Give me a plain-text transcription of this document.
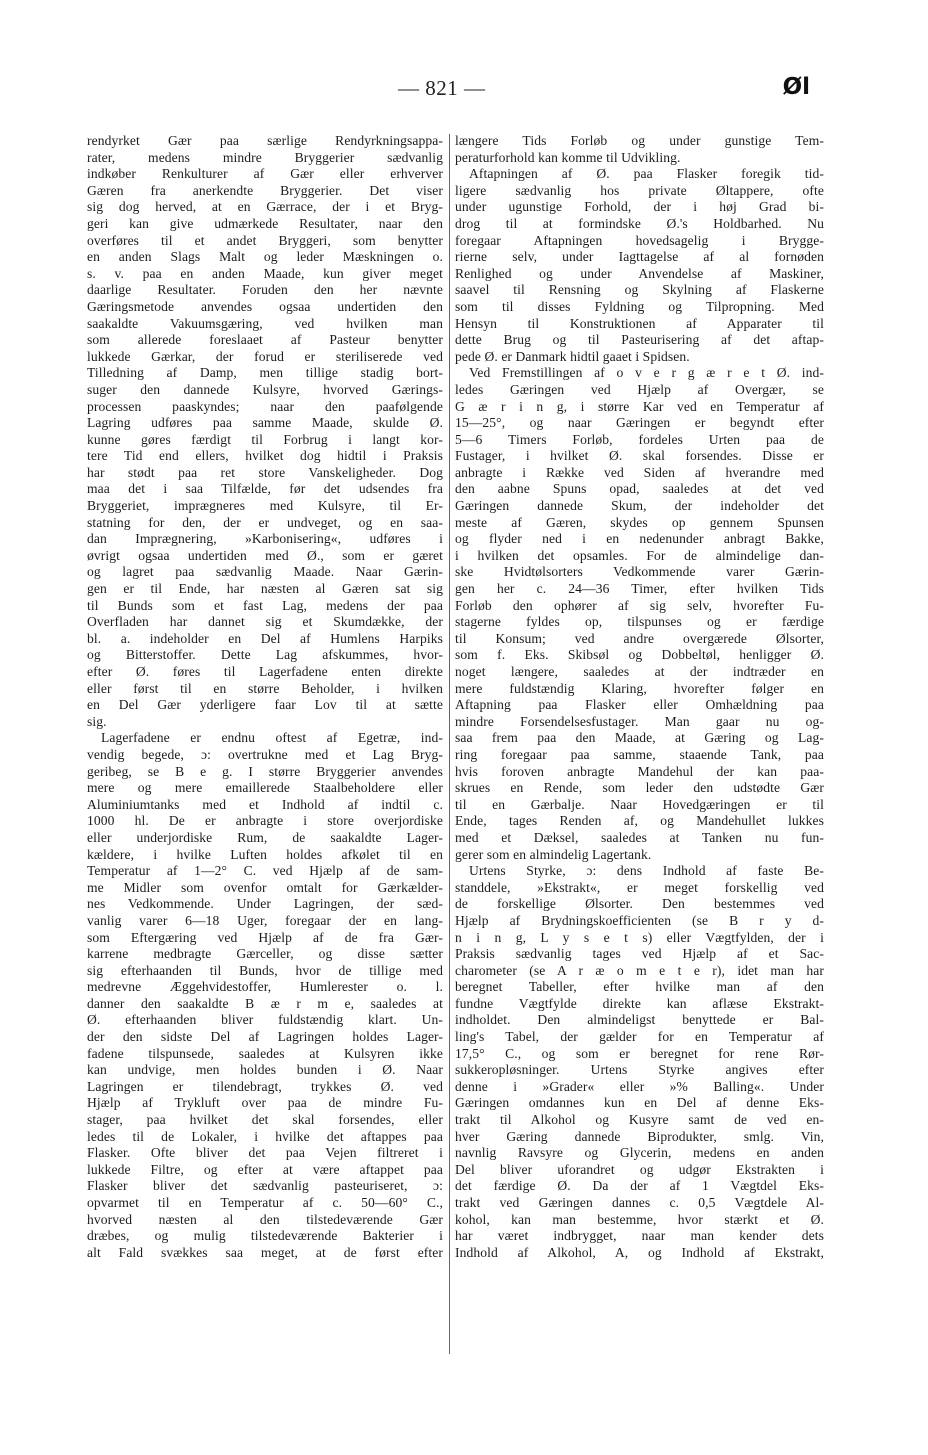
— 821 —	Øl
rendyrket Gær paa særlige Rendyrkningsappa-
rater, medens mindre Bryggerier sædvanlig
indkøber Renkulturer af Gær eller erhverver
Gæren fra anerkendte Bryggerier. Det viser
sig dog herved, at en Gærrace, der i et Bryg-
geri kan give udmærkede Resultater, naar den
overføres til et andet Bryggeri, som benytter
en anden Slags Malt og leder Mæskningen o.
s. v. paa en anden Maade, kun giver meget
daarlige Resultater. Foruden den her nævnte
Gæringsmetode anvendes ogsaa undertiden den
saakaldte Vakuumsgæring, ved hvilken man
som allerede foreslaaet af Pasteur benytter
lukkede Gærkar, der forud er steriliserede ved
Tilledning af Damp, men tillige stadig bort-
suger den dannede Kulsyre, hvorved Gærings-
processen paaskyndes; naar den paafølgende
Lagring udføres paa samme Maade, skulde Ø.
kunne gøres færdigt til Forbrug i langt kor-
tere Tid end ellers, hvilket dog hidtil i Praksis
har stødt paa ret store Vanskeligheder. Dog
maa det i saa Tilfælde, før det udsendes fra
Bryggeriet, imprægneres med Kulsyre, til Er-
statning for den, der er undveget, og en saa-
dan Imprægnering, »Karbonisering«, udføres i
øvrigt ogsaa undertiden med Ø., som er gæret
og lagret paa sædvanlig Maade. Naar Gærin-
gen er til Ende, har næsten al Gæren sat sig
til Bunds som et fast Lag, medens der paa
Overfladen har dannet sig et Skumdække, der
bl. a. indeholder en Del af Humlens Harpiks
og Bitterstoffer. Dette Lag afskummes, hvor-
efter Ø. føres til Lagerfadene enten direkte
eller først til en større Beholder, i hvilken
en Del Gær yderligere faar Lov til at sætte
sig.
Lagerfadene er endnu oftest af Egetræ, ind-
vendig begede, ɔ: overtrukne med et Lag Bryg-
geribeg, se B e g. I større Bryggerier anvendes
mere og mere emaillerede Staalbeholdere eller
Aluminiumtanks med et Indhold af indtil c.
1000 hl. De er anbragte i store overjordiske
eller underjordiske Rum, de saakaldte Lager-
kældere, i hvilke Luften holdes afkølet til en
Temperatur af 1—2° C. ved Hjælp af de sam-
me Midler som ovenfor omtalt for Gærkælder-
nes Vedkommende. Under Lagringen, der sæd-
vanlig varer 6—18 Uger, foregaar der en lang-
som Eftergæring ved Hjælp af de fra Gær-
karrene medbragte Gærceller, og disse sætter
sig efterhaanden til Bunds, hvor de tillige med
medrevne Æggehvidestoffer, Humlerester o. l.
danner den saakaldte B æ r m e, saaledes at
Ø. efterhaanden bliver fuldstændig klart. Un-
der den sidste Del af Lagringen holdes Lager-
fadene tilspunsede, saaledes at Kulsyren ikke
kan undvige, men holdes bunden i Ø. Naar
Lagringen er tilendebragt, trykkes Ø. ved
Hjælp af Trykluft over paa de mindre Fu-
stager, paa hvilket det skal forsendes, eller
ledes til de Lokaler, i hvilke det aftappes paa
Flasker. Ofte bliver det paa Vejen filtreret i
lukkede Filtre, og efter at være aftappet paa
Flasker bliver det sædvanlig pasteuriseret, ɔ:
opvarmet til en Temperatur af c. 50—60° C.,
hvorved næsten al den tilstedeværende Gær
dræbes, og mulig tilstedeværende Bakterier i
alt Fald svækkes saa meget, at de først efter
længere Tids Forløb og under gunstige Tem-
peraturforhold kan komme til Udvikling.
Aftapningen af Ø. paa Flasker foregik tid-
ligere sædvanlig hos private Øltappere, ofte
under ugunstige Forhold, der i høj Grad bi-
drog til at formindske Ø.'s Holdbarhed. Nu
foregaar Aftapningen hovedsagelig i Brygge-
rierne selv, under Iagttagelse af al fornøden
Renlighed og under Anvendelse af Maskiner,
saavel til Rensning og Skylning af Flaskerne
som til disses Fyldning og Tilpropning. Med
Hensyn til Konstruktionen af Apparater til
dette Brug og til Pasteurisering af det aftap-
pede Ø. er Danmark hidtil gaaet i Spidsen.
Ved Fremstillingen af o v e r g æ r e t Ø. ind-
ledes Gæringen ved Hjælp af Overgær, se
G æ r i n g, i større Kar ved en Temperatur af
15—25°, og naar Gæringen er begyndt efter
5—6 Timers Forløb, fordeles Urten paa de
Fustager, i hvilket Ø. skal forsendes. Disse er
anbragte i Række ved Siden af hverandre med
den aabne Spuns opad, saaledes at det ved
Gæringen dannede Skum, der indeholder det
meste af Gæren, skydes op gennem Spunsen
og flyder ned i en nedenunder anbragt Bakke,
i hvilken det opsamles. For de almindelige dan-
ske Hvidtølsorters Vedkommende varer Gærin-
gen her c. 24—36 Timer, efter hvilken Tids
Forløb den ophører af sig selv, hvorefter Fu-
stagerne fyldes op, tilspunses og er færdige
til Konsum; ved andre overgærede Ølsorter,
som f. Eks. Skibsøl og Dobbeltøl, henligger Ø.
noget længere, saaledes at der indtræder en
mere fuldstændig Klaring, hvorefter følger en
Aftapning paa Flasker eller Omhældning paa
mindre Forsendelsesfustager. Man gaar nu og-
saa frem paa den Maade, at Gæring og Lag-
ring foregaar paa samme, staaende Tank, paa
hvis foroven anbragte Mandehul der kan paa-
skrues en Rende, som leder den udstødte Gær
til en Gærbalje. Naar Hovedgæringen er til
Ende, tages Renden af, og Mandehullet lukkes
med et Dæksel, saaledes at Tanken nu fun-
gerer som en almindelig Lagertank.
Urtens Styrke, ɔ: dens Indhold af faste Be-
standdele, »Ekstrakt«, er meget forskellig ved
de forskellige Ølsorter. Den bestemmes ved
Hjælp af Brydningskoefficienten (se B r y d-
n i n g, L y s e t s) eller Vægtfylden, der i
Praksis sædvanlig tages ved Hjælp af et Sac-
charometer (se A r æ o m e t e r), idet man har
beregnet Tabeller, efter hvilke man af den
fundne Vægtfylde direkte kan aflæse Ekstrakt-
indholdet. Den almindeligst benyttede er Bal-
ling's Tabel, der gælder for en Temperatur af
17,5° C., og som er beregnet for rene Rør-
sukkeropløsninger. Urtens Styrke angives efter
denne i »Grader« eller »% Balling«. Under
Gæringen omdannes kun en Del af denne Eks-
trakt til Alkohol og Kusyre samt de ved en-
hver Gæring dannede Biprodukter, smlg. Vin,
navnlig Ravsyre og Glycerin, medens en anden
Del bliver uforandret og udgør Ekstrakten i
det færdige Ø. Da der af 1 Vægtdel Eks-
trakt ved Gæringen dannes c. 0,5 Vægtdele Al-
kohol, kan man bestemme, hvor stærkt et Ø.
har været indbrygget, naar man kender dets
Indhold af Alkohol, A, og Indhold af Ekstrakt,
